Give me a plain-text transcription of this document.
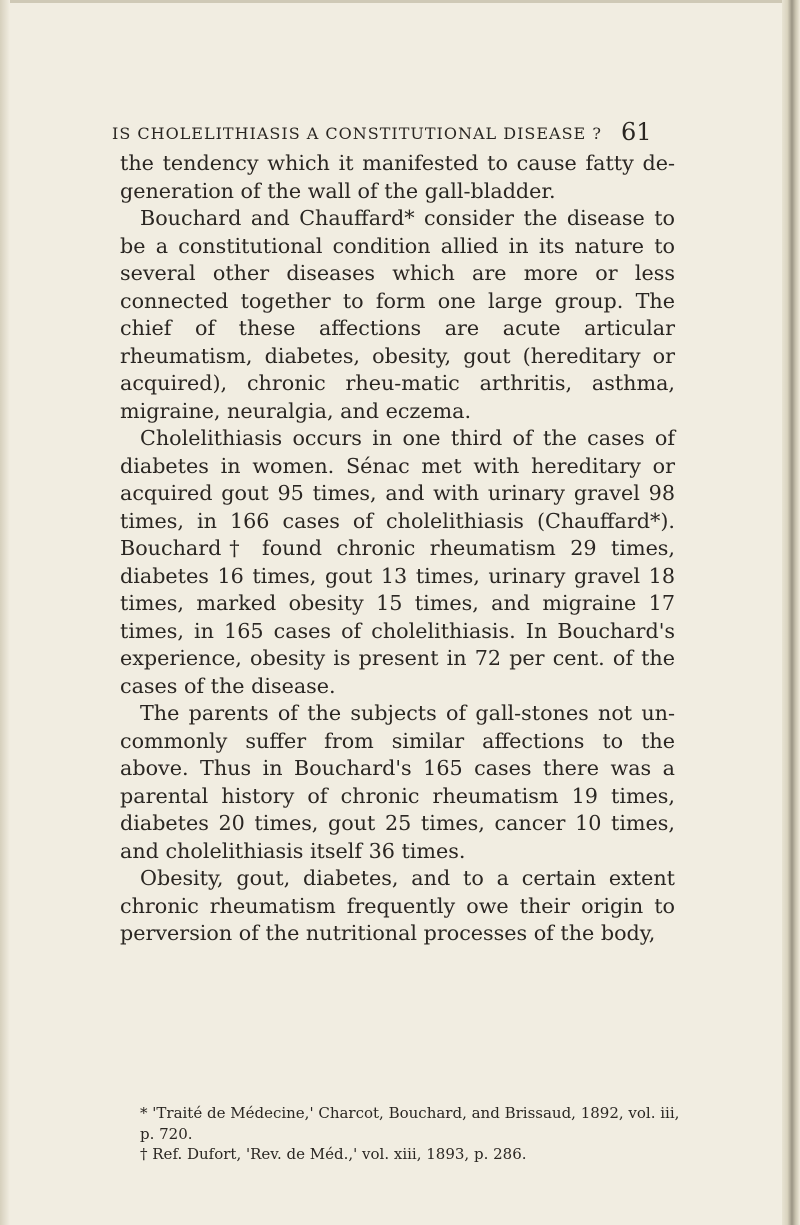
IS CHOLELITHIASIS A CONSTITUTIONAL DISEASE ? 61

the tendency which it manifested to cause fatty de-generation of the wall of the gall-bladder.

Bouchard and Chauffard* consider the disease to be a constitutional condition allied in its nature to several other diseases which are more or less connected together to form one large group. The chief of these affections are acute articular rheumatism, diabetes, obesity, gout (hereditary or acquired), chronic rheu-matic arthritis, asthma, migraine, neuralgia, and eczema.

Cholelithiasis occurs in one third of the cases of diabetes in women. Sénac met with hereditary or acquired gout 95 times, and with urinary gravel 98 times, in 166 cases of cholelithiasis (Chauffard*). Bouchard† found chronic rheumatism 29 times, diabetes 16 times, gout 13 times, urinary gravel 18 times, marked obesity 15 times, and migraine 17 times, in 165 cases of cholelithiasis. In Bouchard's experience, obesity is present in 72 per cent. of the cases of the disease.

The parents of the subjects of gall-stones not un-commonly suffer from similar affections to the above. Thus in Bouchard's 165 cases there was a parental history of chronic rheumatism 19 times, diabetes 20 times, gout 25 times, cancer 10 times, and cholelithiasis itself 36 times.

Obesity, gout, diabetes, and to a certain extent chronic rheumatism frequently owe their origin to perversion of the nutritional processes of the body,

* 'Traité de Médecine,' Charcot, Bouchard, and Brissaud, 1892, vol. iii, p. 720.

† Ref. Dufort, 'Rev. de Méd.,' vol. xiii, 1893, p. 286.
